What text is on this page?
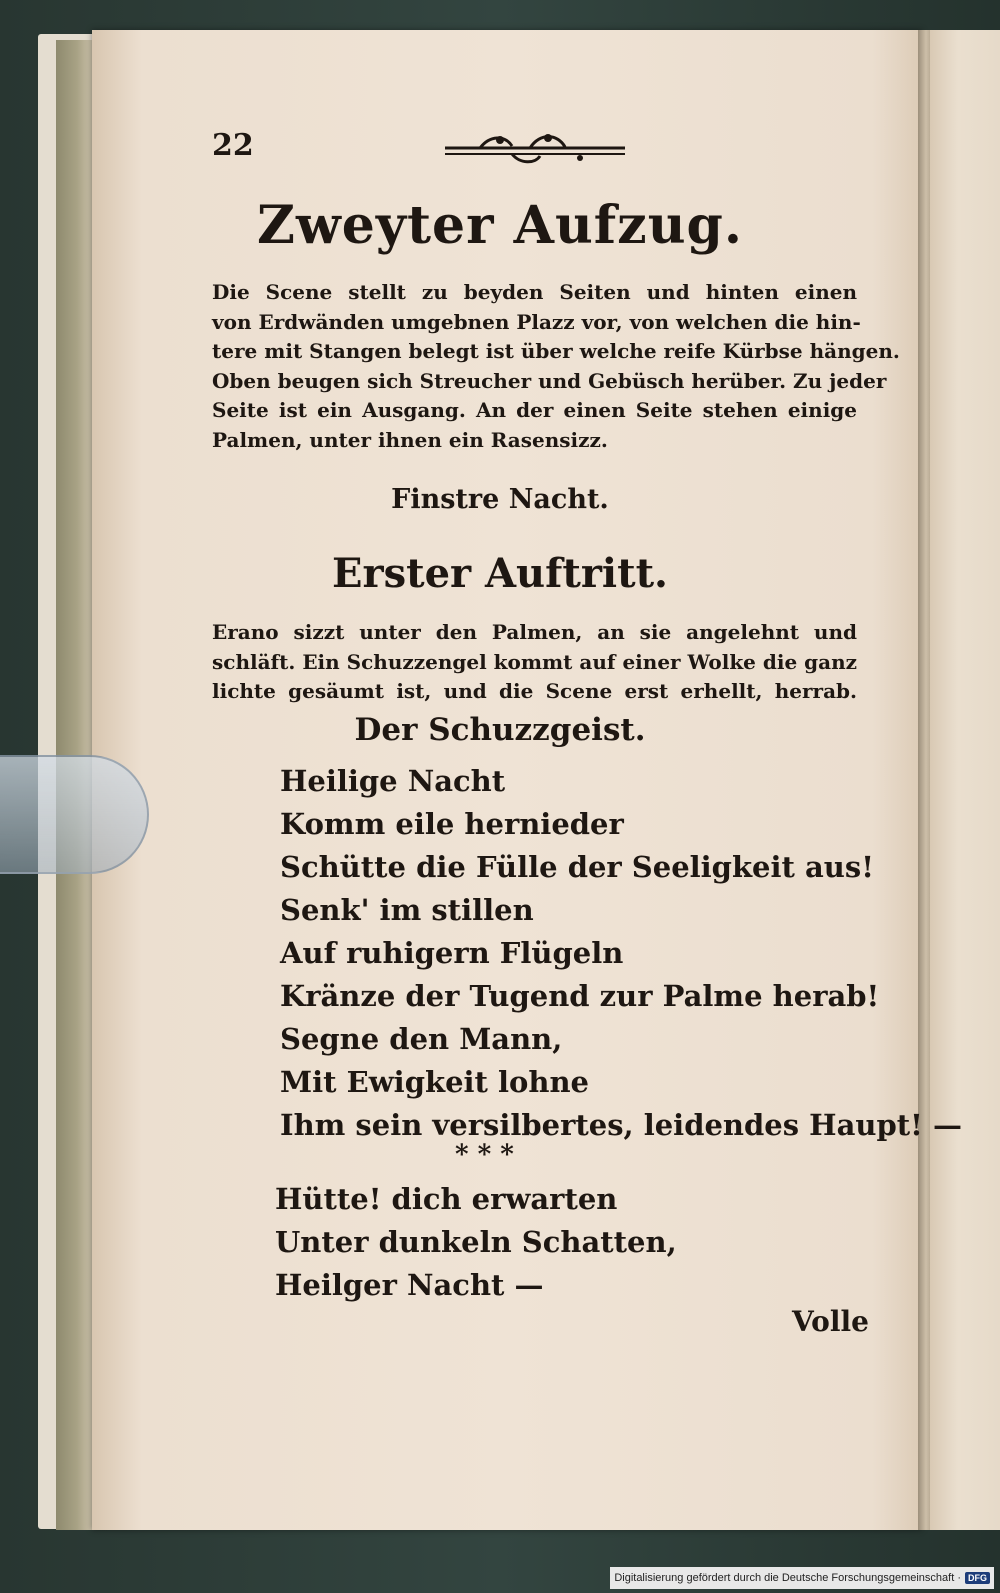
22
Zweyter Aufzug.
Die Scene stellt zu beyden Seiten und hinten einen
von Erdwänden umgebnen Plazz vor, von welchen die hin-
tere mit Stangen belegt ist über welche reife Kürbse hängen.
Oben beugen sich Streucher und Gebüsch herüber. Zu jeder
Seite ist ein Ausgang. An der einen Seite stehen einige
Palmen, unter ihnen ein Rasensizz.
Finstre Nacht.
Erster Auftritt.
Erano sizzt unter den Palmen, an sie angelehnt und
schläft. Ein Schuzzengel kommt auf einer Wolke die ganz
lichte gesäumt ist, und die Scene erst erhellt, herrab.
Der Schuzzgeist.
Heilige Nacht
Komm eile hernieder
Schütte die Fülle der Seeligkeit aus!
Senk' im stillen
Auf ruhigern Flügeln
Kränze der Tugend zur Palme herab!
Segne den Mann,
Mit Ewigkeit lohne
Ihm sein versilbertes, leidendes Haupt! —
* * *
Hütte! dich erwarten
Unter dunkeln Schatten,
Heilger Nacht —
Volle
Digitalisierung gefördert durch die Deutsche Forschungsgemeinschaft · DFG
